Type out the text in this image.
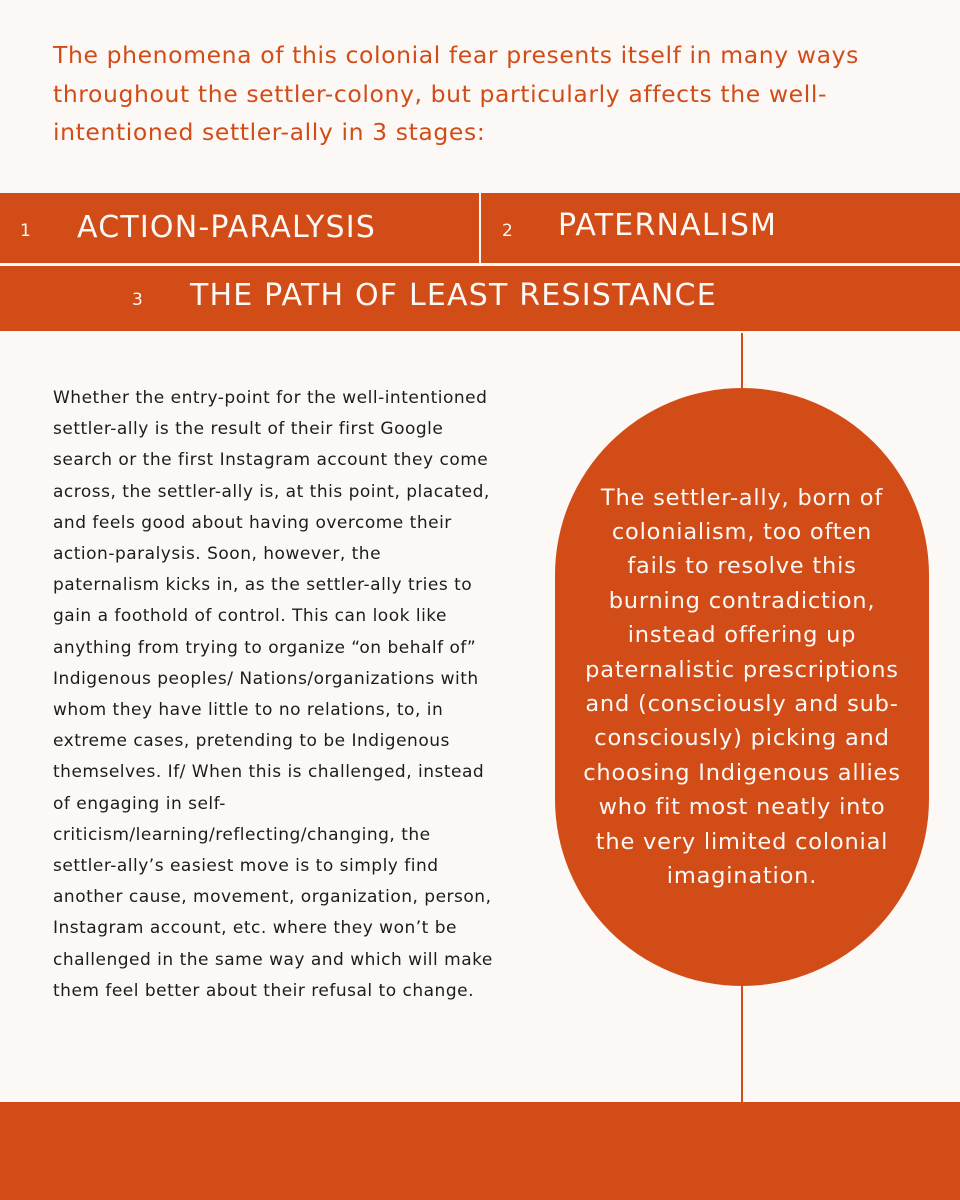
The phenomena of this colonial fear presents itself in many ways throughout the settler-colony, but particularly affects the well-intentioned settler-ally in 3 stages:

1 ACTION-PARALYSIS	2 PATERNALISM
3 THE PATH OF LEAST RESISTANCE

Whether the entry-point for the well-intentioned settler-ally is the result of their first Google search or the first Instagram account they come across, the settler-ally is, at this point, placated, and feels good about having overcome their action-paralysis. Soon, however, the paternalism kicks in, as the settler-ally tries to gain a foothold of control. This can look like anything from trying to organize “on behalf of” Indigenous peoples/ Nations/organizations with whom they have little to no relations, to, in extreme cases, pretending to be Indigenous themselves. If/ When this is challenged, instead of engaging in self-criticism/learning/reflecting/changing, the settler-ally’s easiest move is to simply find another cause, movement, organization, person, Instagram account, etc. where they won’t be challenged in the same way and which will make them feel better about their refusal to change.

The settler-ally, born of colonialism, too often fails to resolve this burning contradiction, instead offering up paternalistic prescriptions and (consciously and sub-consciously) picking and choosing Indigenous allies who fit most neatly into the very limited colonial imagination.
